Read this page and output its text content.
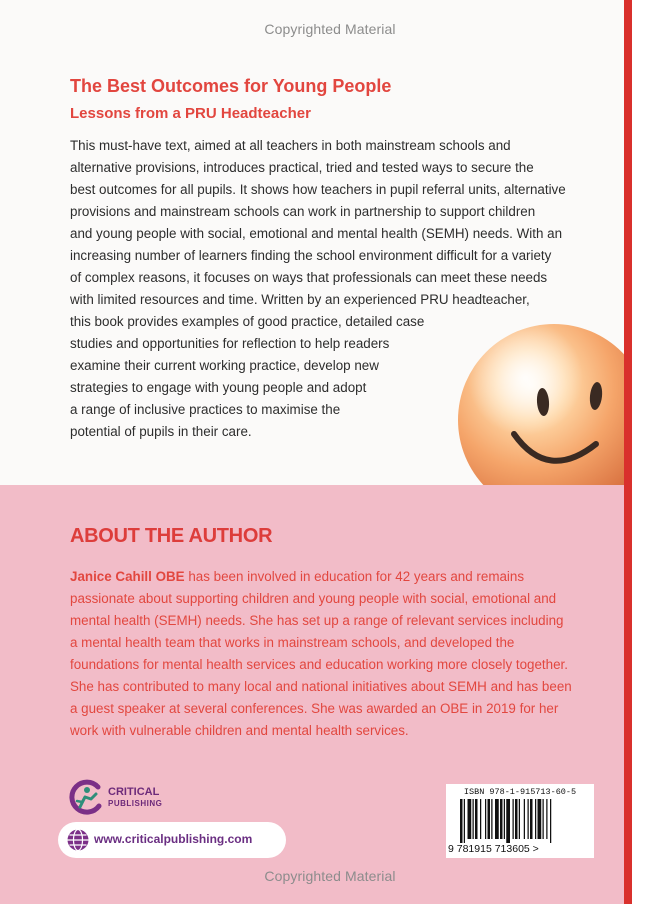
The Best Outcomes for Young People
Lessons from a PRU Headteacher
This must-have text, aimed at all teachers in both mainstream schools and
alternative provisions, introduces practical, tried and tested ways to secure the
best outcomes for all pupils. It shows how teachers in pupil referral units, alternative
provisions and mainstream schools can work in partnership to support children
and young people with social, emotional and mental health (SEMH) needs. With an
increasing number of learners finding the school environment difficult for a variety
of complex reasons, it focuses on ways that professionals can meet these needs
with limited resources and time. Written by an experienced PRU headteacher,
this book provides examples of good practice, detailed case
studies and opportunities for reflection to help readers
examine their current working practice, develop new
strategies to engage with young people and adopt
a range of inclusive practices to maximise the
potential of pupils in their care.
ABOUT THE AUTHOR
Janice Cahill OBE has been involved in education for 42 years and remains
passionate about supporting children and young people with social, emotional and
mental health (SEMH) needs. She has set up a range of relevant services including
a mental health team that works in mainstream schools, and developed the
foundations for mental health services and education working more closely together.
She has contributed to many local and national initiatives about SEMH and has been
a guest speaker at several conferences. She was awarded an OBE in 2019 for her
work with vulnerable children and mental health services.
CRITICAL
PUBLISHING
www.criticalpublishing.com
ISBN 978-1-915713-60-5
9 781915 713605 >
Copyrighted Material
Copyrighted Material
